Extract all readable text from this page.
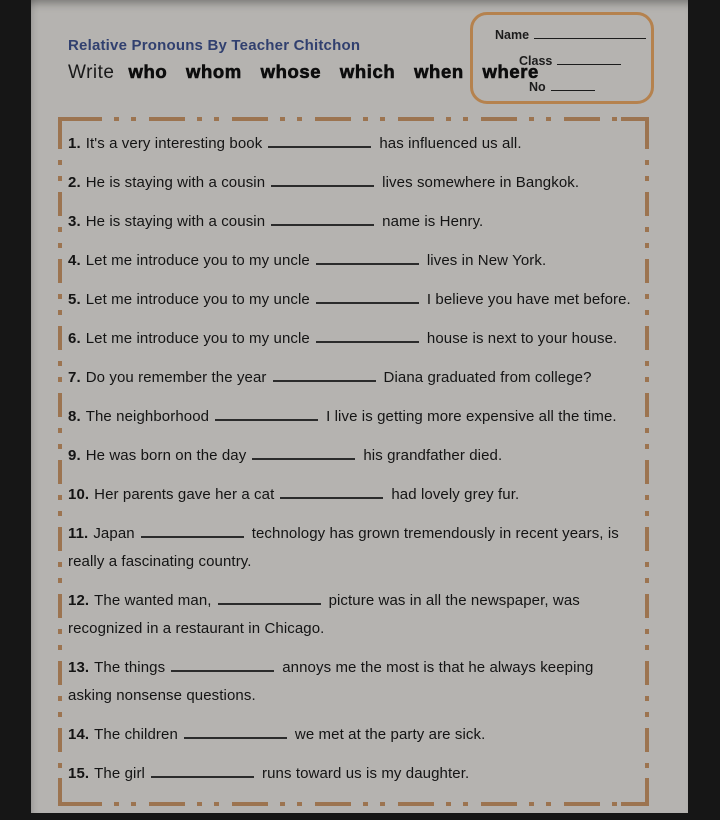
Relative Pronouns By Teacher Chitchon
Write who whom whose which when where
Name
Class
No
1. It's a very interesting book	has influenced us all.
2. He is staying with a cousin	lives somewhere in Bangkok.
3. He is staying with a cousin	name is Henry.
4. Let me introduce you to my uncle	lives in New York.
5. Let me introduce you to my uncle	I believe you have met before.
6. Let me introduce you to my uncle	house is next to your house.
7. Do you remember the year	Diana graduated from college?
8. The neighborhood	I live is getting more expensive all the time.
9. He was born on the day	his grandfather died.
10. Her parents gave her a cat	had lovely grey fur.
11. Japan	technology has grown tremendously in recent years, is
really a fascinating country.
12. The wanted man,	picture was in all the newspaper, was
recognized in a restaurant in Chicago.
13. The things	annoys me the most is that he always keeping
asking nonsense questions.
14. The children	we met at the party are sick.
15. The girl	runs toward us is my daughter.
